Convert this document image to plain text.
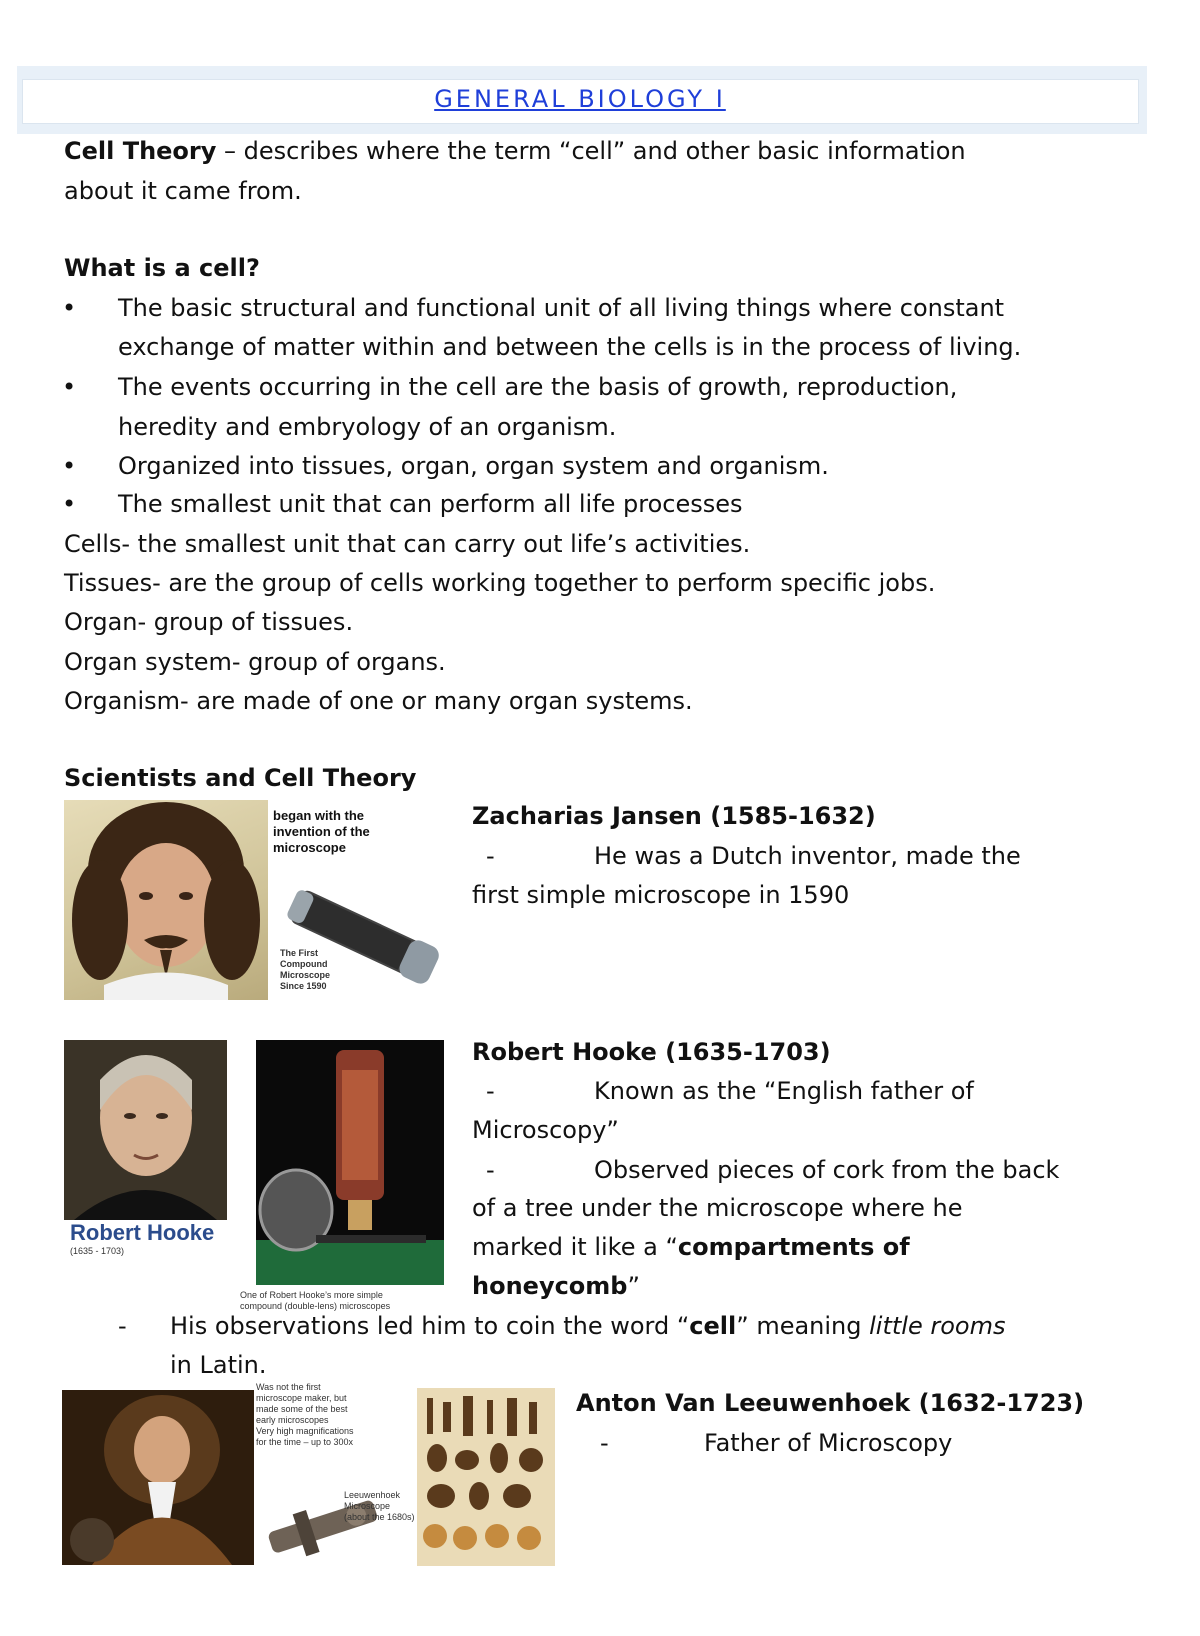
GENERAL BIOLOGY I
Cell Theory – describes where the term “cell” and other basic information
about it came from.
What is a cell?
• The basic structural and functional unit of all living things where constant
exchange of matter within and between the cells is in the process of living.
• The events occurring in the cell are the basis of growth, reproduction,
heredity and embryology of an organism.
• Organized into tissues, organ, organ system and organism.
• The smallest unit that can perform all life processes
Cells- the smallest unit that can carry out life’s activities.
Tissues- are the group of cells working together to perform specific jobs.
Organ- group of tissues.
Organ system- group of organs.
Organism- are made of one or many organ systems.
Scientists and Cell Theory
began with the
invention of the
microscope
The First
Compound
Microscope
Since 1590
Zacharias Jansen (1585-1632)
-	He was a Dutch inventor, made the
first simple microscope in 1590
Robert Hooke
(1635 - 1703)
One of Robert Hooke’s more simple
compound (double-lens) microscopes
Robert Hooke (1635-1703)
-	Known as the “English father of
Microscopy”
-	Observed pieces of cork from the back
of a tree under the microscope where he
marked it like a “compartments of
honeycomb”
- His observations led him to coin the word “cell” meaning little rooms
in Latin.
Was not the first
microscope maker, but
made some of the best
early microscopes
Very high magnifications
for the time – up to 300x
Leeuwenhoek
Microscope
(about the 1680s)
Anton Van Leeuwenhoek (1632-1723)
-	Father of Microscopy
